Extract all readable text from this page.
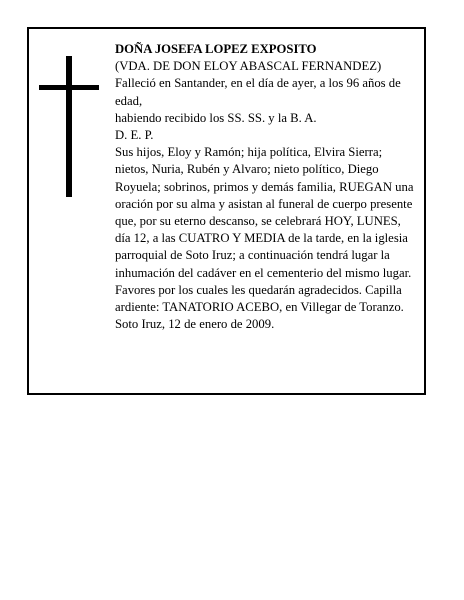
DOÑA JOSEFA LOPEZ EXPOSITO
(VDA. DE DON ELOY ABASCAL FERNANDEZ)
Falleció en Santander, en el día de ayer, a los 96 años de edad,
habiendo recibido los SS. SS. y la B. A.
D. E. P.
Sus hijos, Eloy y Ramón; hija política, Elvira Sierra; nietos, Nuria, Rubén y Alvaro; nieto político, Diego Royuela; sobrinos, primos y demás familia, RUEGAN una oración por su alma y asistan al funeral de cuerpo presente que, por su eterno descanso, se celebrará HOY, LUNES, día 12, a las CUATRO Y MEDIA de la tarde, en la iglesia parroquial de Soto Iruz; a continuación tendrá lugar la inhumación del cadáver en el cementerio del mismo lugar. Favores por los cuales les quedarán agradecidos. Capilla ardiente: TANATORIO ACEBO, en Villegar de Toranzo.
Soto Iruz, 12 de enero de 2009.
